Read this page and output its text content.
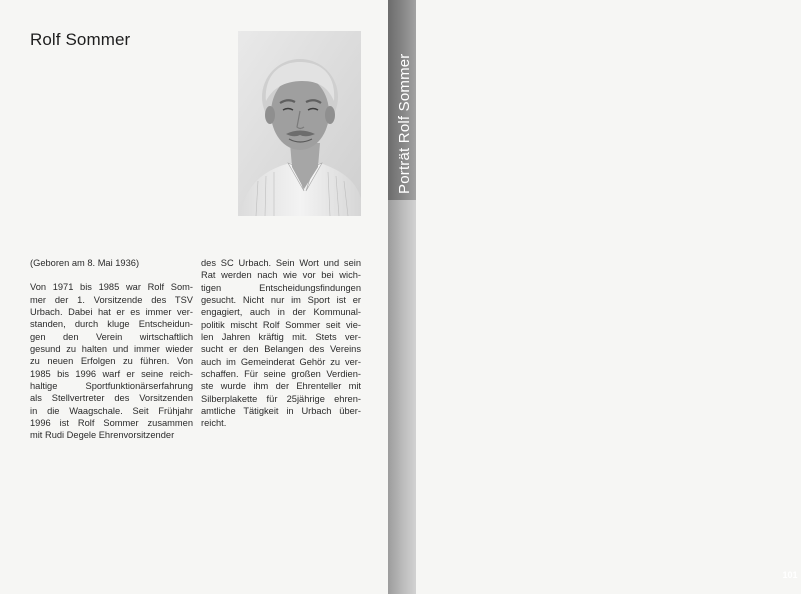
Rolf Sommer
Porträt Rolf Sommer
101

(Geboren am 8. Mai 1936)

Von 1971 bis 1985 war Rolf Som-
mer der 1. Vorsitzende des TSV
Urbach. Dabei hat er es immer ver-
standen, durch kluge Entscheidun-
gen den Verein wirtschaftlich
gesund zu halten und immer wieder
zu neuen Erfolgen zu führen. Von
1985 bis 1996 warf er seine reich-
haltige Sportfunktionärserfahrung
als Stellvertreter des Vorsitzenden
in die Waagschale. Seit Frühjahr
1996 ist Rolf Sommer zusammen
mit Rudi Degele Ehrenvorsitzender
des SC Urbach. Sein Wort und sein
Rat werden nach wie vor bei wich-
tigen Entscheidungsfindungen
gesucht. Nicht nur im Sport ist er
engagiert, auch in der Kommunal-
politik mischt Rolf Sommer seit vie-
len Jahren kräftig mit. Stets ver-
sucht er den Belangen des Vereins
auch im Gemeinderat Gehör zu ver-
schaffen. Für seine großen Verdien-
ste wurde ihm der Ehrenteller mit
Silberplakette für 25jährige ehren-
amtliche Tätigkeit in Urbach über-
reicht.
